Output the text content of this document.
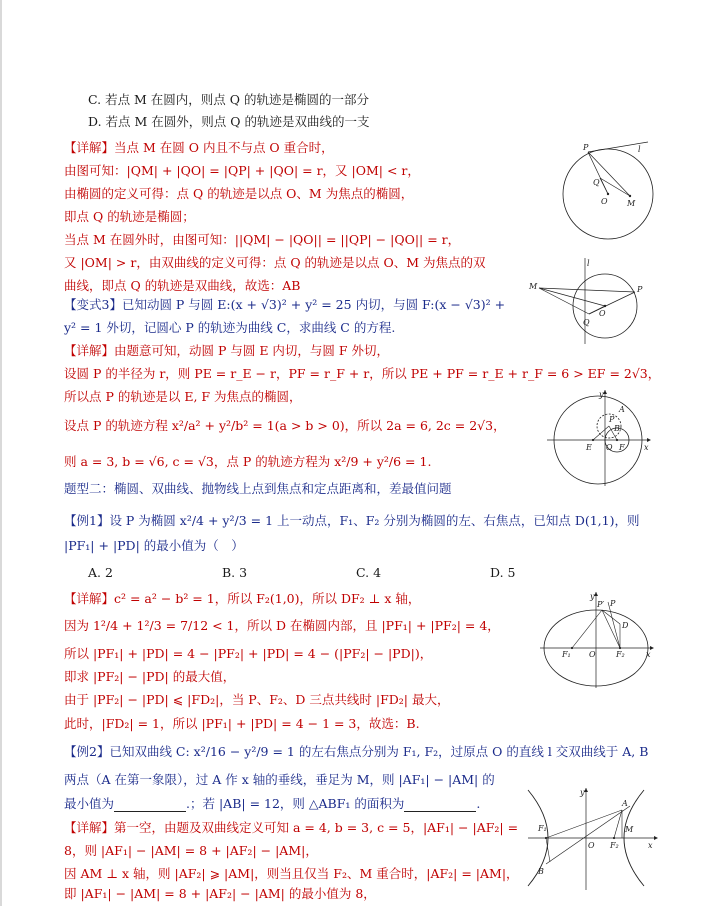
C. 若点 M 在圆内，则点 Q 的轨迹是椭圆的一部分
D. 若点 M 在圆外，则点 Q 的轨迹是双曲线的一支
【详解】当点 M 在圆 O 内且不与点 O 重合时，
由图可知：|QM| + |QO| = |QP| + |QO| = r，又 |OM| < r，
由椭圆的定义可得：点 Q 的轨迹是以点 O、M 为焦点的椭圆，
即点 Q 的轨迹是椭圆；
当点 M 在圆外时，由图可知：||QM| − |QO|| = ||QP| − |QO|| = r，
又 |OM| > r，由双曲线的定义可得：点 Q 的轨迹是以点 O、M 为焦点的双
曲线，即点 Q 的轨迹是双曲线，故选：AB
【变式3】已知动圆 P 与圆 E:(x + √3)² + y² = 25 内切，与圆 F:(x − √3)² +
y² = 1 外切，记圆心 P 的轨迹为曲线 C，求曲线 C 的方程.
【详解】由题意可知，动圆 P 与圆 E 内切，与圆 F 外切，
设圆 P 的半径为 r，则 PE = r_E − r，PF = r_F + r，所以 PE + PF = r_E + r_F = 6 > EF = 2√3，
所以点 P 的轨迹是以 E, F 为焦点的椭圆，
设点 P 的轨迹方程 x²/a² + y²/b² = 1(a > b > 0)，所以 2a = 6, 2c = 2√3，
则 a = 3, b = √6, c = √3，点 P 的轨迹方程为 x²/9 + y²/6 = 1.
题型二：椭圆、双曲线、抛物线上点到焦点和定点距离和，差最值问题
【例1】设 P 为椭圆 x²/4 + y²/3 = 1 上一动点，F₁、F₂ 分别为椭圆的左、右焦点，已知点 D(1,1)，则
|PF₁| + |PD| 的最小值为（　）
A. 2	B. 3	C. 4	D. 5
【详解】c² = a² − b² = 1，所以 F₂(1,0)，所以 DF₂ ⊥ x 轴，
因为 1²/4 + 1²/3 = 7/12 < 1，所以 D 在椭圆内部，且 |PF₁| + |PF₂| = 4，
所以 |PF₁| + |PD| = 4 − |PF₂| + |PD| = 4 − (|PF₂| − |PD|)，
即求 |PF₂| − |PD| 的最大值，
由于 |PF₂| − |PD| ⩽ |FD₂|，当 P、F₂、D 三点共线时 |FD₂| 最大，
此时，|FD₂| = 1，所以 |PF₁| + |PD| = 4 − 1 = 3，故选：B.
【例2】已知双曲线 C: x²/16 − y²/9 = 1 的左右焦点分别为 F₁, F₂，过原点 O 的直线 l 交双曲线于 A, B
两点（A 在第一象限），过 A 作 x 轴的垂线，垂足为 M，则 |AF₁| − |AM| 的
最小值为	.；若 |AB| = 12，则 △ABF₁ 的面积为	.
【详解】第一空，由题及双曲线定义可知 a = 4, b = 3, c = 5，|AF₁| − |AF₂| =
8，则 |AF₁| − |AM| = 8 + |AF₂| − |AM|，
因 AM ⊥ x 轴，则 |AF₂| ⩾ |AM|，则当且仅当 F₂、M 重合时，|AF₂| = |AM|，
即 |AF₁| − |AM| = 8 + |AF₂| − |AM| 的最小值为 8，
P	l
Q
O M
l
M	P
Q
O
y
A
P
B
E O F x
y
P′ P
D
F₁ O	F₂	x
y
A
F₁	M
O F₂	x
B
